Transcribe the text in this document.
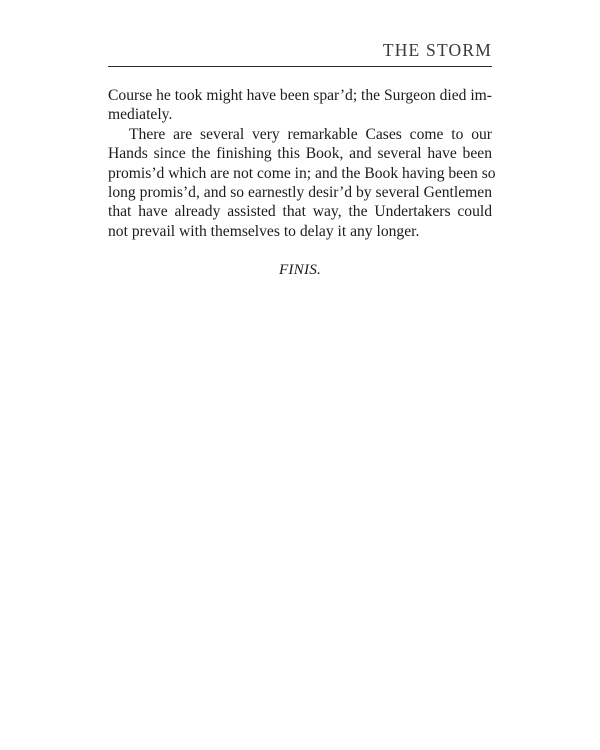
THE STORM
Course he took might have been spar’d; the Surgeon died im-
mediately.
There are several very remarkable Cases come to our
Hands since the finishing this Book, and several have been
promis’d which are not come in; and the Book having been so
long promis’d, and so earnestly desir’d by several Gentlemen
that have already assisted that way, the Undertakers could
not prevail with themselves to delay it any longer.
FINIS.
